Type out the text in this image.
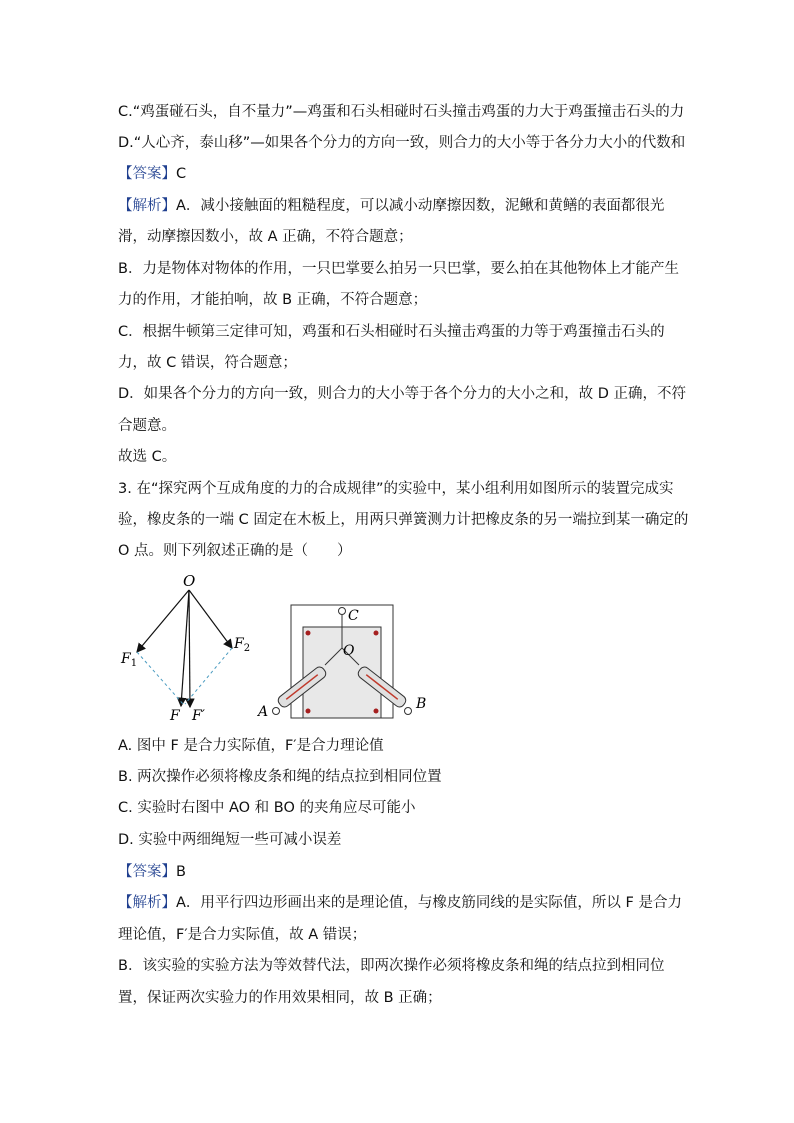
C.“鸡蛋碰石头，自不量力”—鸡蛋和石头相碰时石头撞击鸡蛋的力大于鸡蛋撞击石头的力
D.“人心齐，泰山移”—如果各个分力的方向一致，则合力的大小等于各分力大小的代数和
【答案】C
【解析】A．减小接触面的粗糙程度，可以减小动摩擦因数，泥鳅和黄鳝的表面都很光
滑，动摩擦因数小，故 A 正确，不符合题意；
B．力是物体对物体的作用，一只巴掌要么拍另一只巴掌，要么拍在其他物体上才能产生
力的作用，才能拍响，故 B 正确，不符合题意；
C．根据牛顿第三定律可知，鸡蛋和石头相碰时石头撞击鸡蛋的力等于鸡蛋撞击石头的
力，故 C 错误，符合题意；
D．如果各个分力的方向一致，则合力的大小等于各个分力的大小之和，故 D 正确，不符
合题意。
故选 C。
3. 在“探究两个互成角度的力的合成规律”的实验中，某小组利用如图所示的装置完成实
验，橡皮条的一端 C 固定在木板上，用两只弹簧测力计把橡皮条的另一端拉到某一确定的
O 点。则下列叙述正确的是（　　）
O
$F_1$
$F_2$
F F′
C
O
A	B
A. 图中 F 是合力实际值，F′是合力理论值
B. 两次操作必须将橡皮条和绳的结点拉到相同位置
C. 实验时右图中 AO 和 BO 的夹角应尽可能小
D. 实验中两细绳短一些可减小误差
【答案】B
【解析】A．用平行四边形画出来的是理论值，与橡皮筋同线的是实际值，所以 F 是合力
理论值，F′是合力实际值，故 A 错误；
B．该实验的实验方法为等效替代法，即两次操作必须将橡皮条和绳的结点拉到相同位
置，保证两次实验力的作用效果相同，故 B 正确；
